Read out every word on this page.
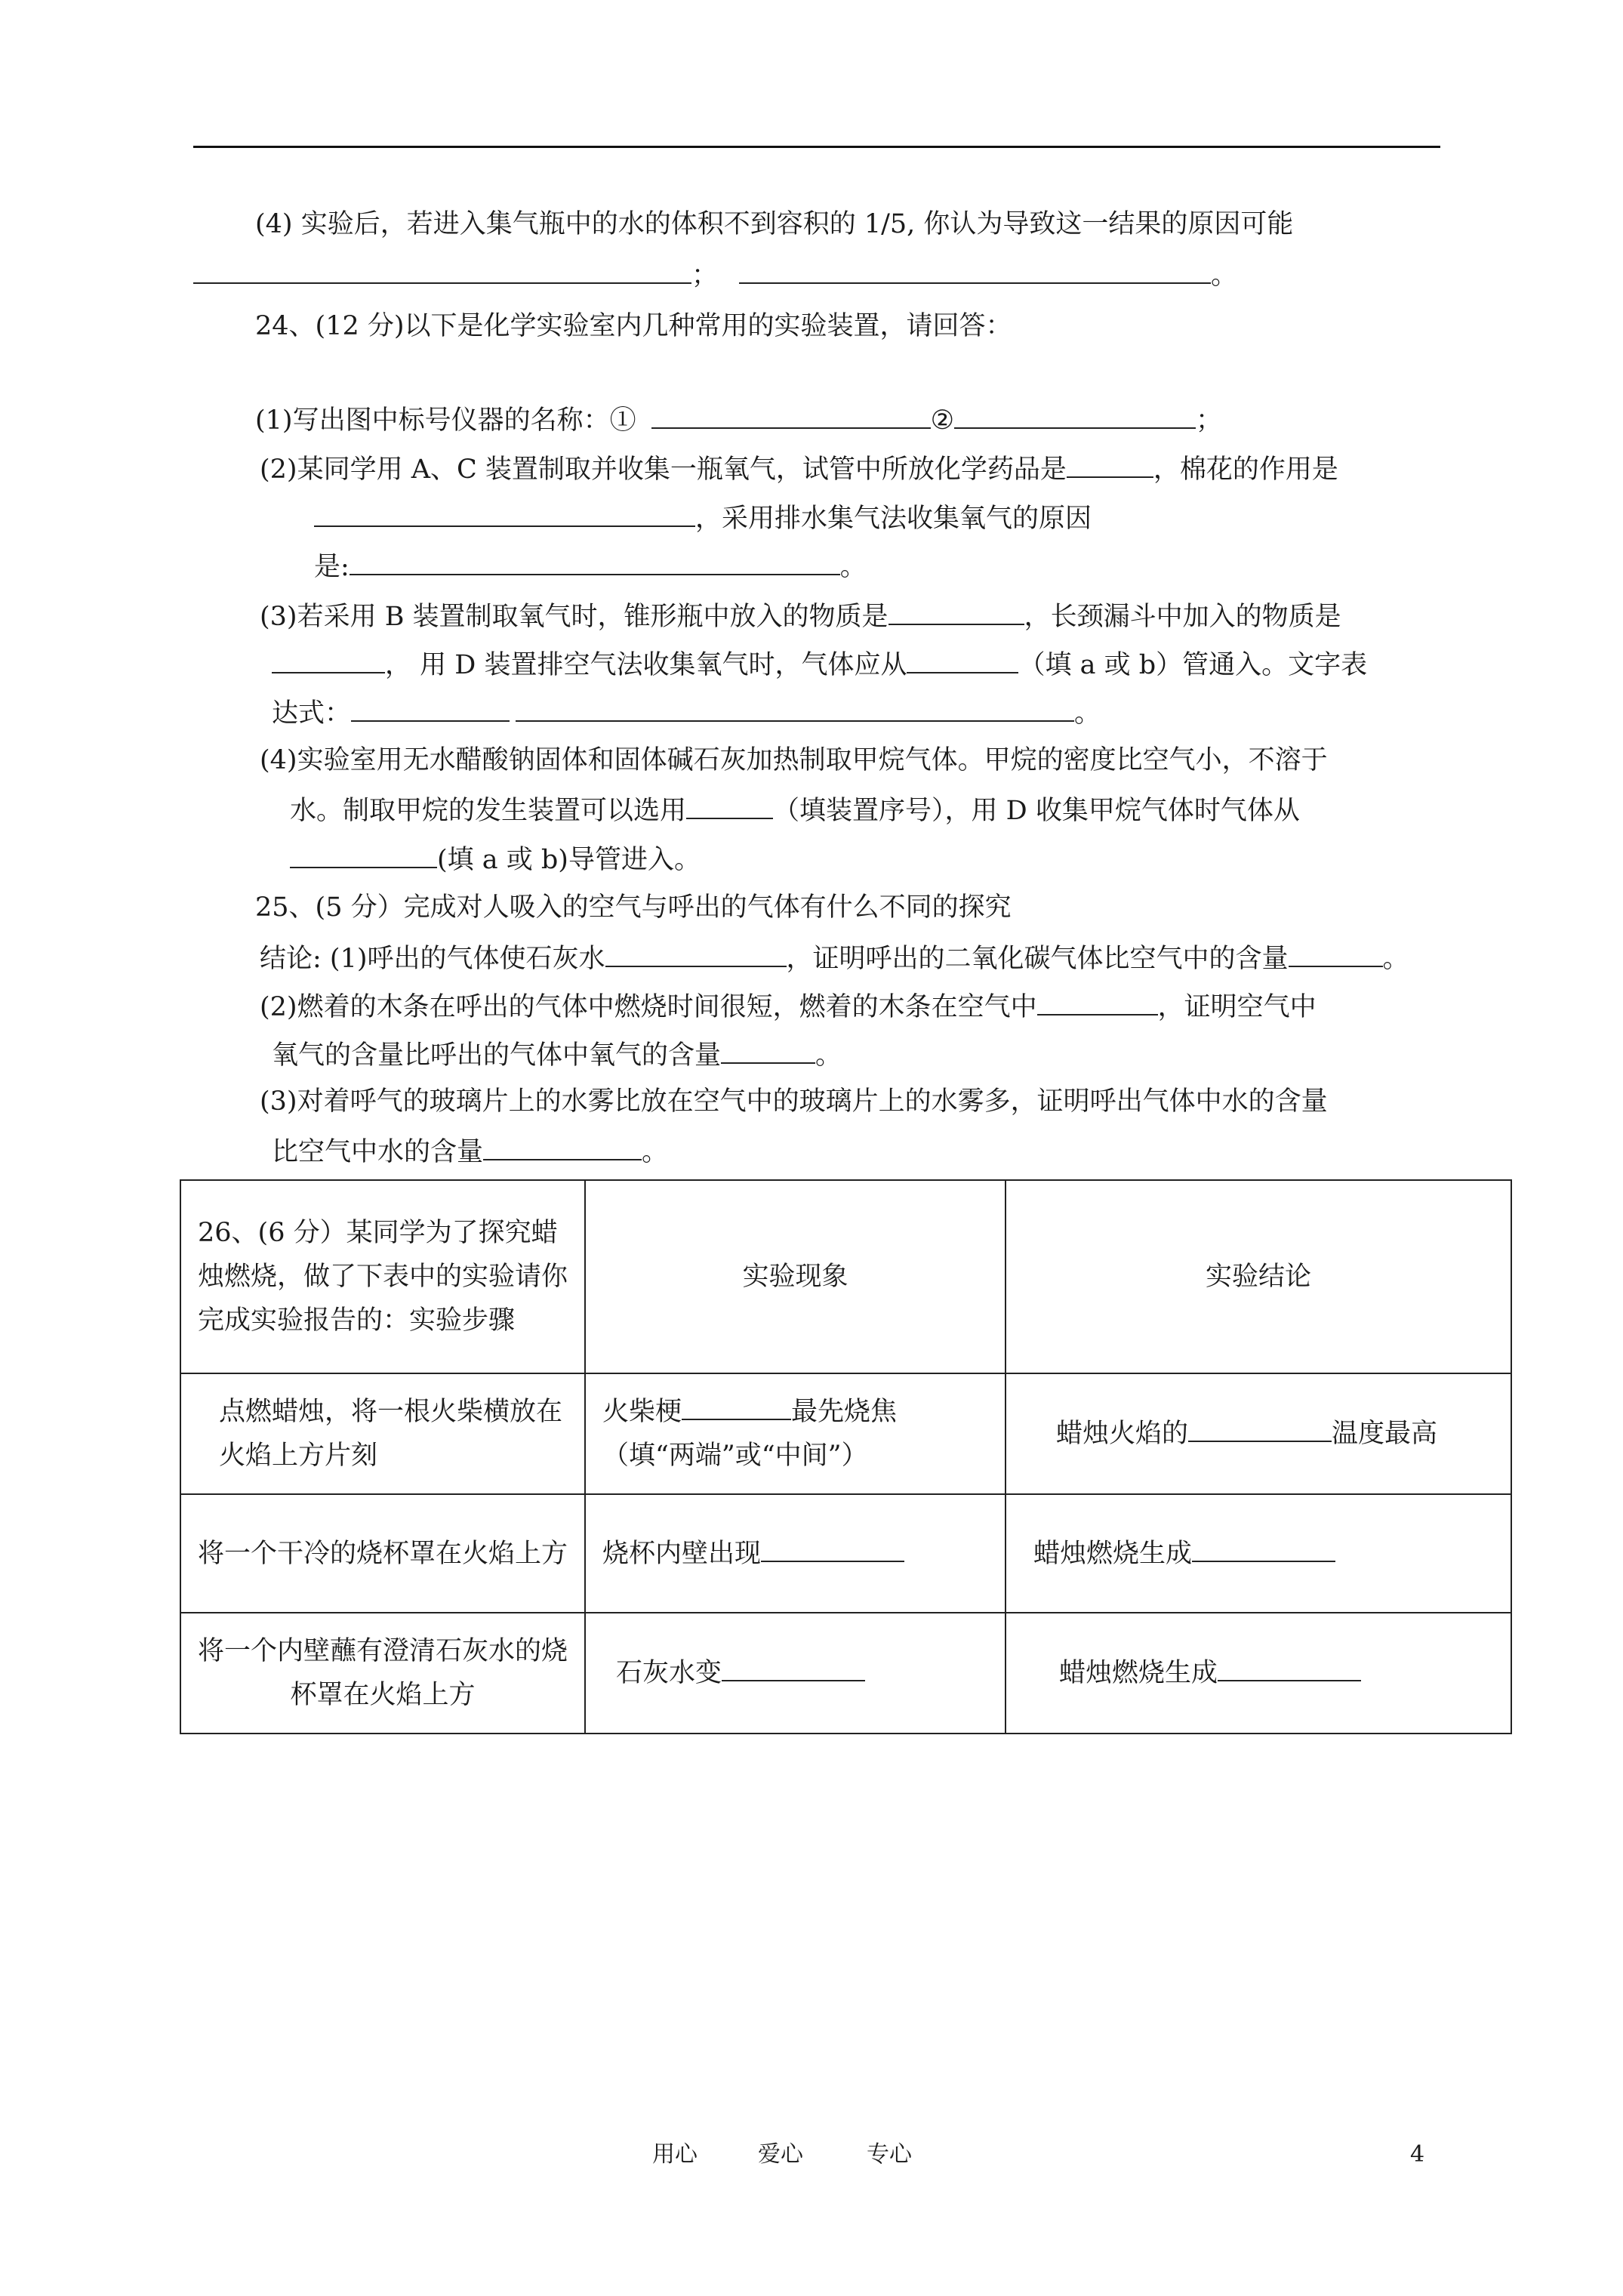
(4) 实验后，若进入集气瓶中的水的体积不到容积的 1/5, 你认为导致这一结果的原因可能
；	。
24、(12 分)以下是化学实验室内几种常用的实验装置，请回答：
(1)写出图中标号仪器的名称：①	②	；
(2)某同学用 A、C 装置制取并收集一瓶氧气，试管中所放化学药品是	，棉花的作用是
，采用排水集气法收集氧气的原因
是:	。
(3)若采用 B 装置制取氧气时，锥形瓶中放入的物质是	，长颈漏斗中加入的物质是
， 用 D 装置排空气法收集氧气时，气体应从	（填 a 或 b）管通入。文字表
达式：	。
(4)实验室用无水醋酸钠固体和固体碱石灰加热制取甲烷气体。甲烷的密度比空气小，不溶于
水。制取甲烷的发生装置可以选用	（填装置序号），用 D 收集甲烷气体时气体从
(填 a 或 b)导管进入。
25、(5 分）完成对人吸入的空气与呼出的气体有什么不同的探究
结论: (1)呼出的气体使石灰水	，证明呼出的二氧化碳气体比空气中的含量	。
(2)燃着的木条在呼出的气体中燃烧时间很短，燃着的木条在空气中	，证明空气中
氧气的含量比呼出的气体中氧气的含量	。
(3)对着呼气的玻璃片上的水雾比放在空气中的玻璃片上的水雾多，证明呼出气体中水的含量
比空气中水的含量	。
26、(6 分）某同学为了探究蜡烛燃烧，做了下表中的实验请你完成实验报告的：实验步骤	实验现象	实验结论
点燃蜡烛，将一根火柴横放在火焰上方片刻	火柴梗 最先烧焦（填“两端”或“中间”）	蜡烛火焰的 温度最高
将一个干冷的烧杯罩在火焰上方	烧杯内壁出现	蜡烛燃烧生成
将一个内壁蘸有澄清石灰水的烧杯罩在火焰上方	石灰水变	蜡烛燃烧生成
用心	爱心	专心	4
